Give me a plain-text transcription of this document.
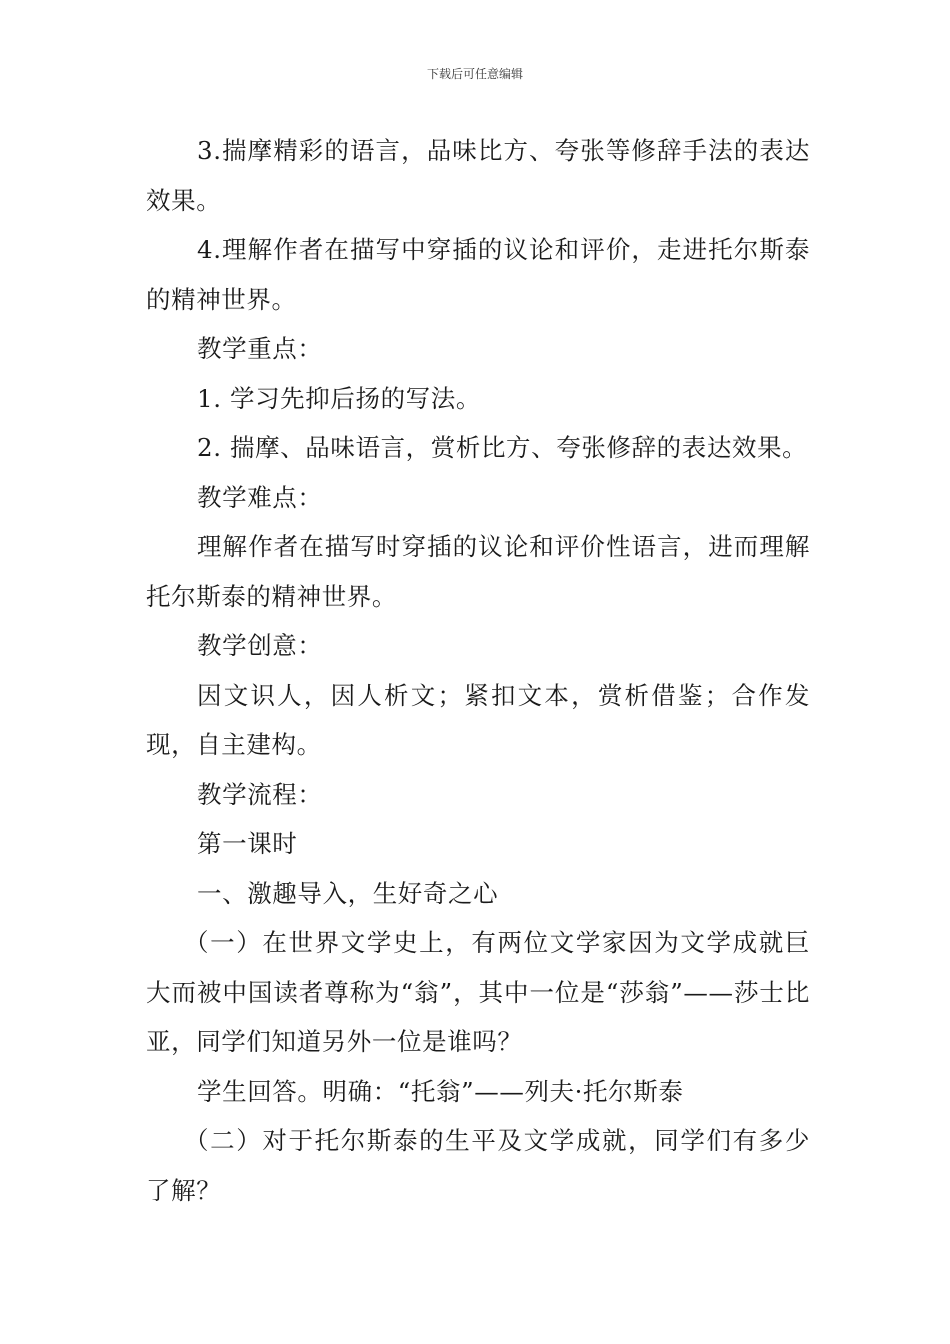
下载后可任意编辑

3.揣摩精彩的语言，品味比方、夸张等修辞手法的表达效果。

4.理解作者在描写中穿插的议论和评价，走进托尔斯泰的精神世界。

教学重点：

1. 学习先抑后扬的写法。

2. 揣摩、品味语言，赏析比方、夸张修辞的表达效果。

教学难点：

理解作者在描写时穿插的议论和评价性语言，进而理解托尔斯泰的精神世界。

教学创意：

因文识人，因人析文；紧扣文本，赏析借鉴；合作发现，自主建构。

教学流程：

第一课时

一、激趣导入，生好奇之心

（一）在世界文学史上，有两位文学家因为文学成就巨大而被中国读者尊称为“翁”，其中一位是“莎翁”——莎士比亚，同学们知道另外一位是谁吗？

学生回答。明确：“托翁”——列夫·托尔斯泰

（二）对于托尔斯泰的生平及文学成就，同学们有多少了解？
